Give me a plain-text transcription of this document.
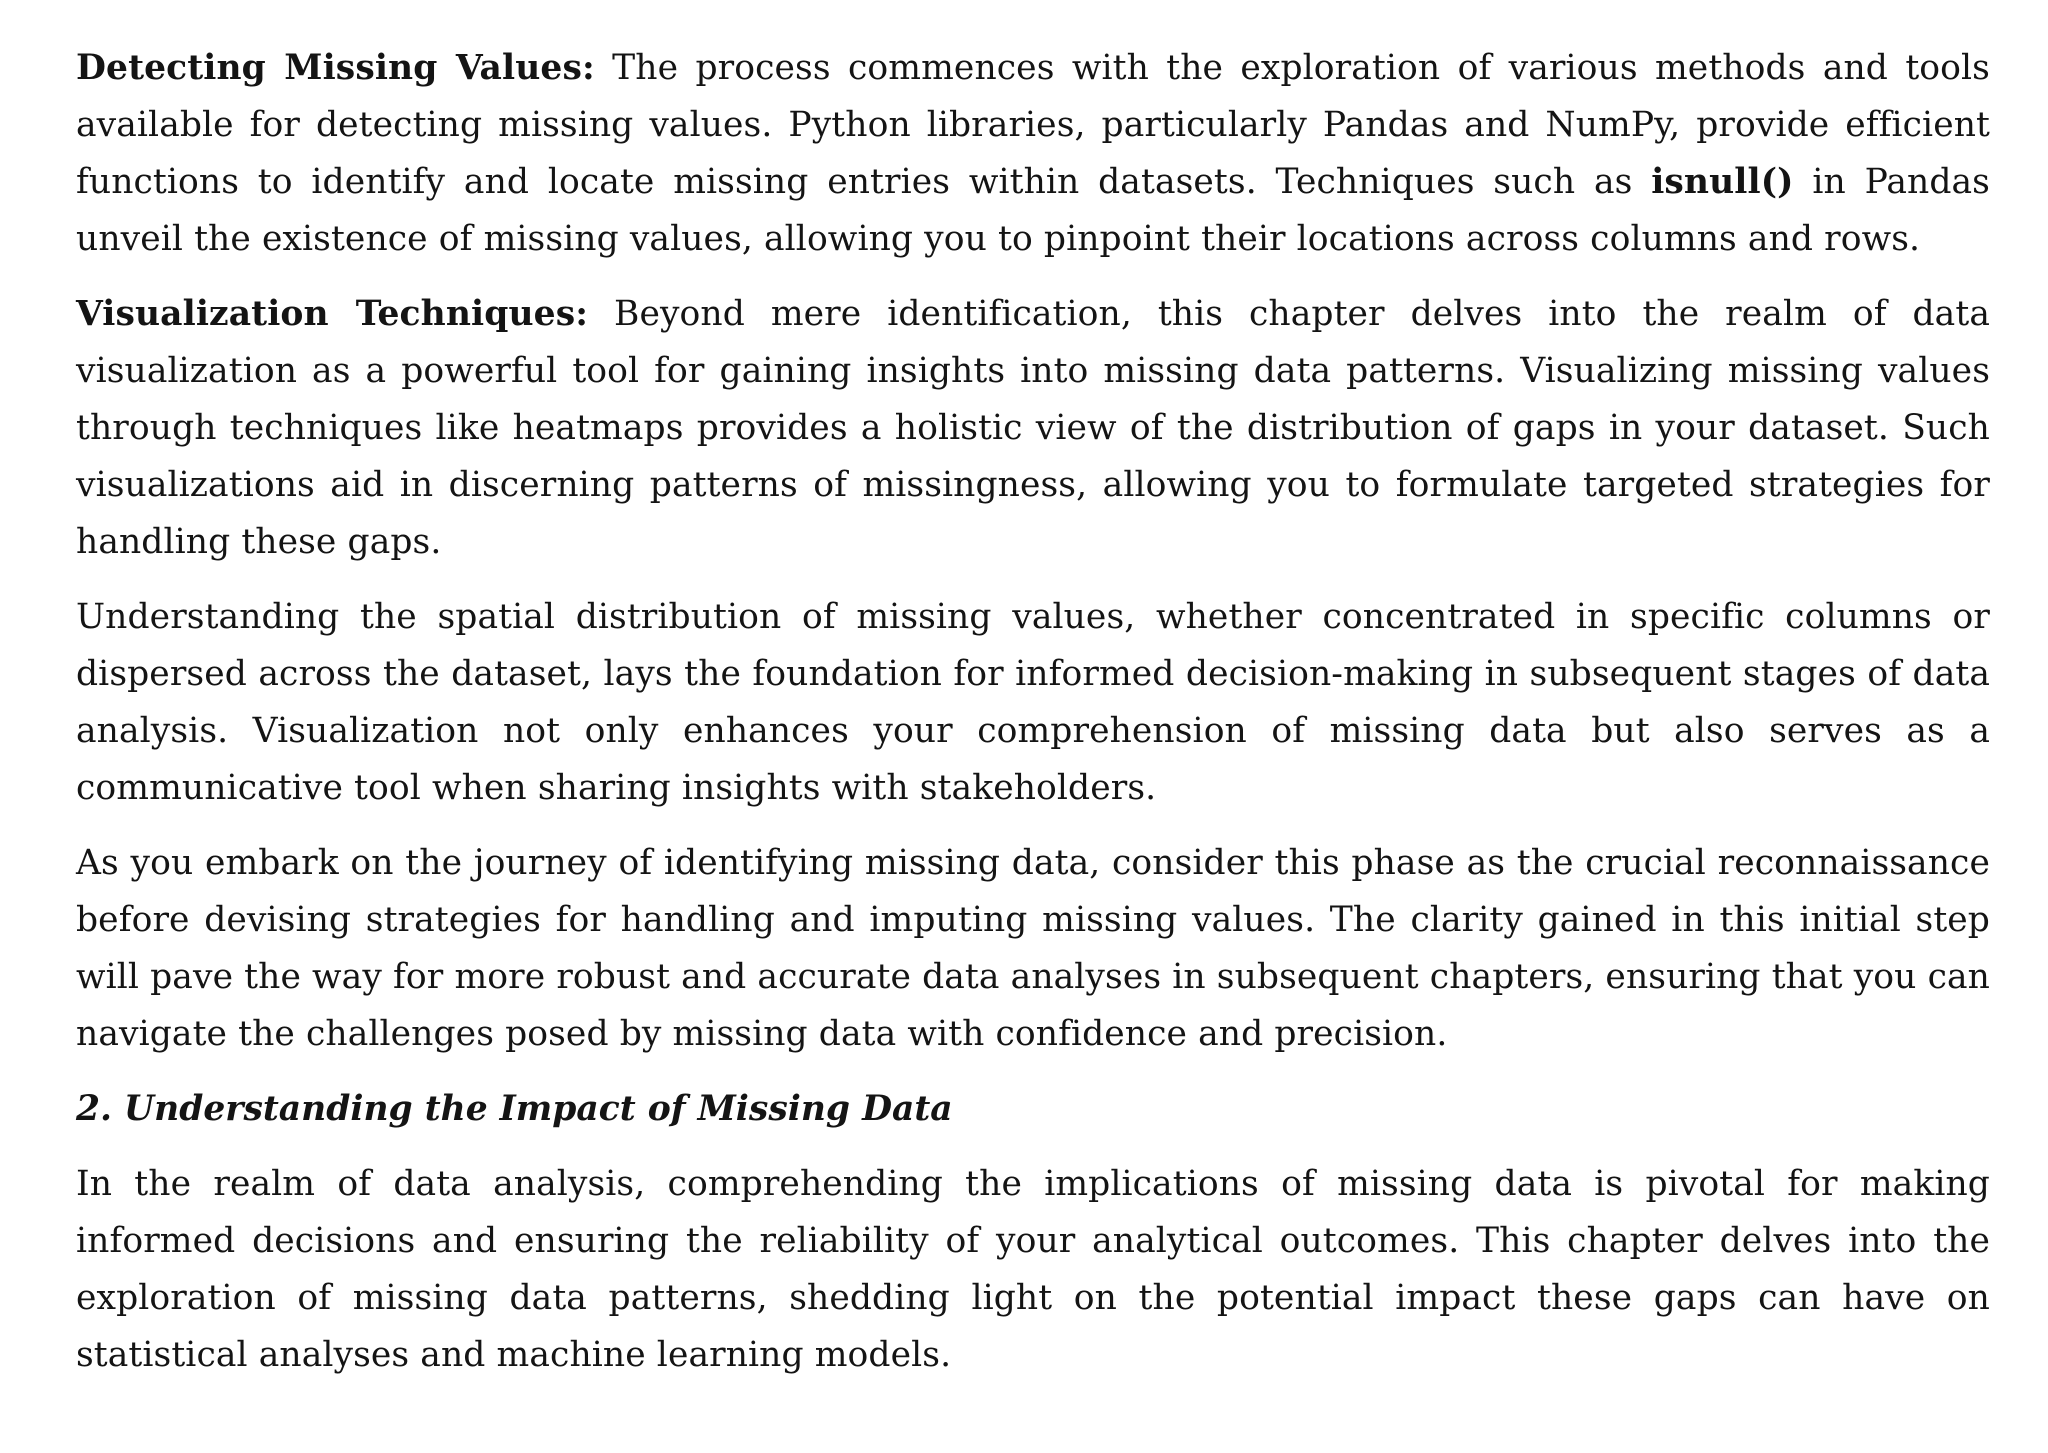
Detecting Missing Values: The process commences with the exploration of various methods and tools available for detecting missing values. Python libraries, particularly Pandas and NumPy, provide efficient functions to identify and locate missing entries within datasets. Techniques such as isnull() in Pandas unveil the existence of missing values, allowing you to pinpoint their locations across columns and rows.

Visualization Techniques: Beyond mere identification, this chapter delves into the realm of data visualization as a powerful tool for gaining insights into missing data patterns. Visualizing missing values through techniques like heatmaps provides a holistic view of the distribution of gaps in your dataset. Such visualizations aid in discerning patterns of missingness, allowing you to formulate targeted strategies for handling these gaps.

Understanding the spatial distribution of missing values, whether concentrated in specific columns or dispersed across the dataset, lays the foundation for informed decision-making in subsequent stages of data analysis. Visualization not only enhances your comprehension of missing data but also serves as a communicative tool when sharing insights with stakeholders.

As you embark on the journey of identifying missing data, consider this phase as the crucial reconnaissance before devising strategies for handling and imputing missing values. The clarity gained in this initial step will pave the way for more robust and accurate data analyses in subsequent chapters, ensuring that you can navigate the challenges posed by missing data with confidence and precision.

2. Understanding the Impact of Missing Data

In the realm of data analysis, comprehending the implications of missing data is pivotal for making informed decisions and ensuring the reliability of your analytical outcomes. This chapter delves into the exploration of missing data patterns, shedding light on the potential impact these gaps can have on statistical analyses and machine learning models.
